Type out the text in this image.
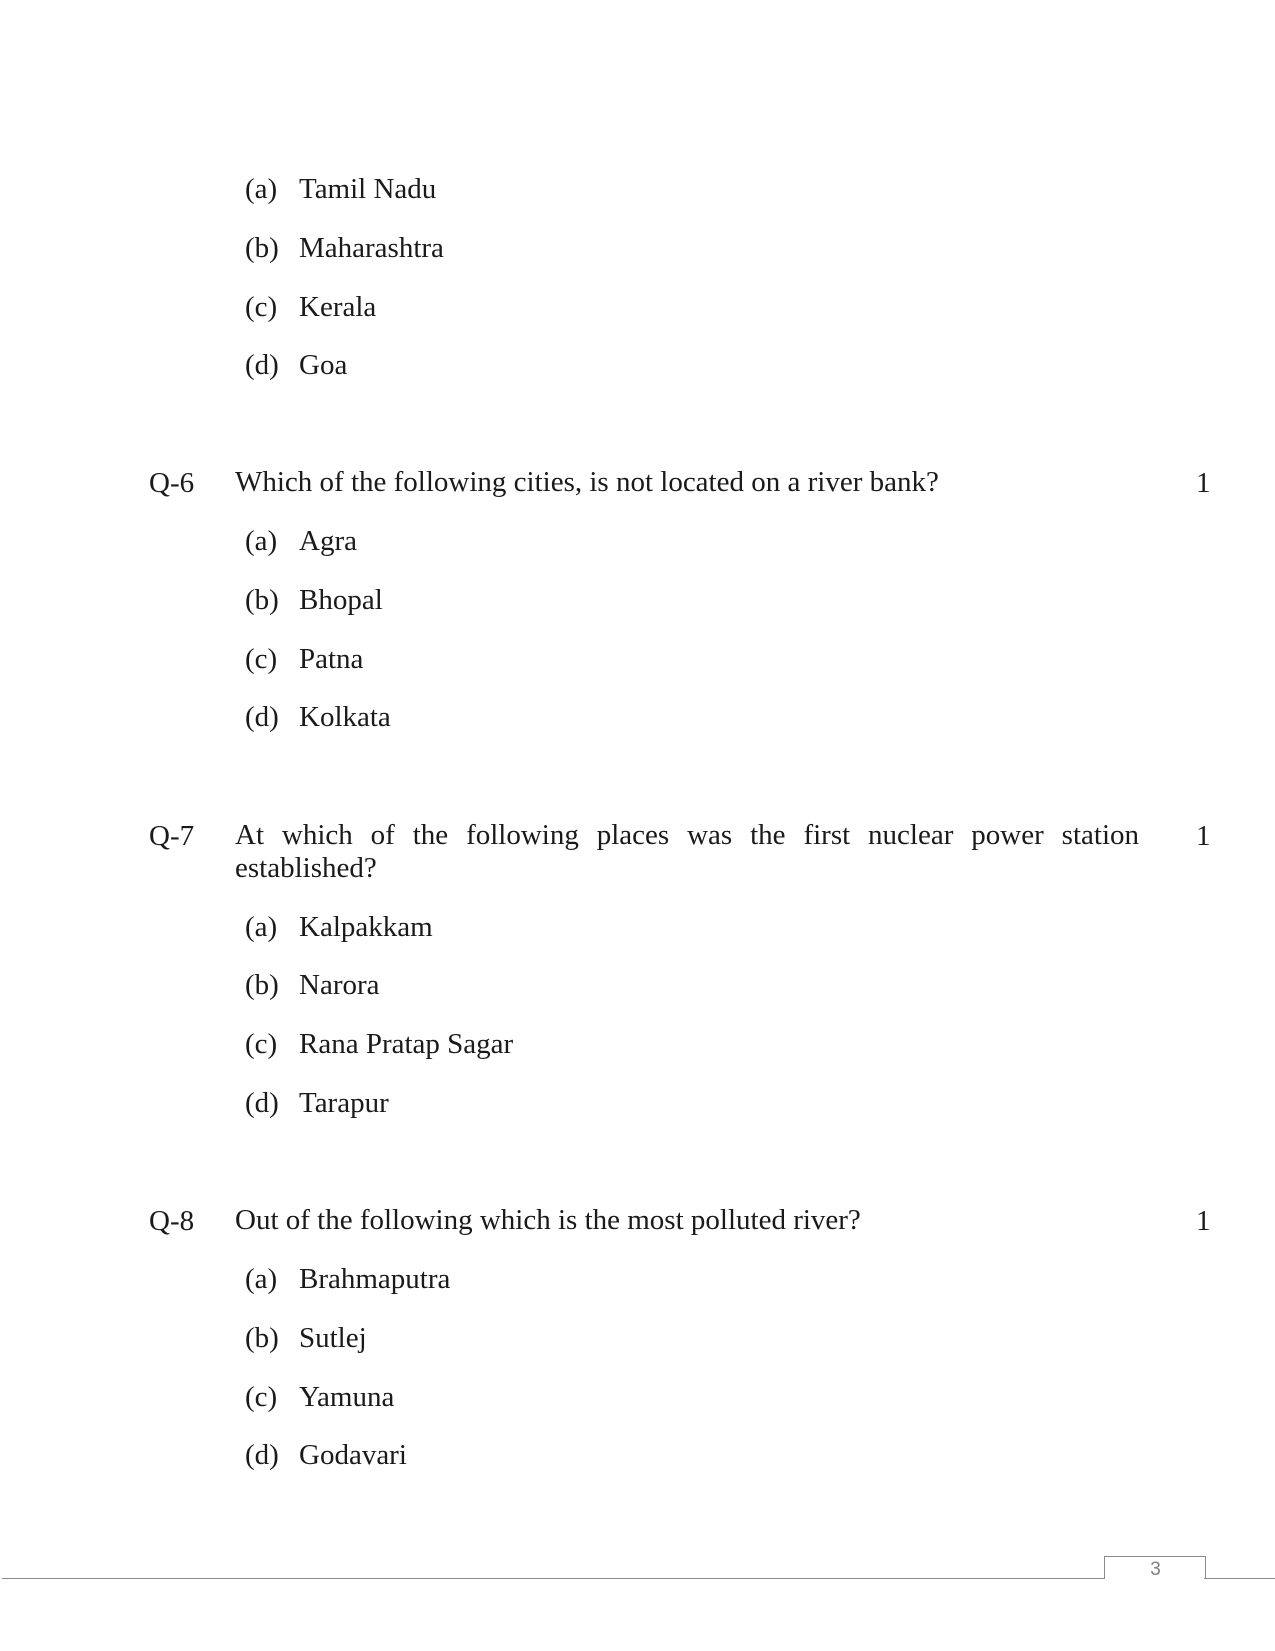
(a) Tamil Nadu
(b) Maharashtra
(c) Kerala
(d) Goa
Q-6 Which of the following cities, is not located on a river bank?	1
(a) Agra
(b) Bhopal
(c) Patna
(d) Kolkata
Q-7 At which of the following places was the first nuclear power station established?
1
(a) Kalpakkam
(b) Narora
(c) Rana Pratap Sagar
(d) Tarapur
Q-8 Out of the following which is the most polluted river?	1
(a) Brahmaputra
(b) Sutlej
(c) Yamuna
(d) Godavari
3
